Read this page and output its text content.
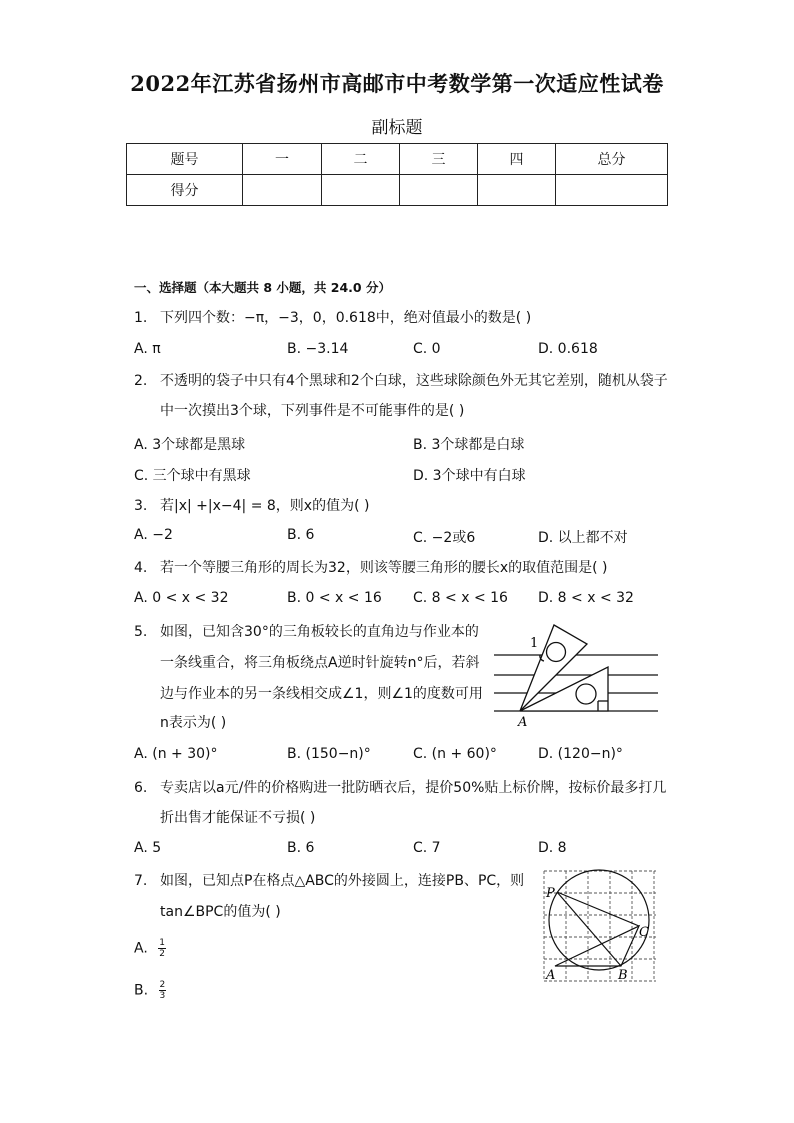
2022年江苏省扬州市高邮市中考数学第一次适应性试卷
副标题
题号	一	二	三	四	总分
得分					
一、选择题（本大题共 8 小题，共 24.0 分）
1. 下列四个数：−π，−3，0，0.618中，绝对值最小的数是( )
A. π	B. −3.14	C. 0	D. 0.618
2. 不透明的袋子中只有4个黑球和2个白球，这些球除颜色外无其它差别，随机从袋子
中一次摸出3个球，下列事件是不可能事件的是( )
A. 3个球都是黑球	B. 3个球都是白球
C. 三个球中有黑球	D. 3个球中有白球
3. 若|x| +|x−4| = 8，则x的值为( )
A. −2	B. 6	C. −2或6	D. 以上都不对
4. 若一个等腰三角形的周长为32，则该等腰三角形的腰长x的取值范围是( )
A. 0 < x < 32	B. 0 < x < 16 C. 8 < x < 16 D. 8 < x < 32
5. 如图，已知含30°的三角板较长的直角边与作业本的
一条线重合，将三角板绕点A逆时针旋转n°后，若斜
边与作业本的另一条线相交成∠1，则∠1的度数可用
n表示为( )
1
A
A. (n + 30)°	B. (150−n)°	C. (n + 60)°	D. (120−n)°
6. 专卖店以a元/件的价格购进一批防晒衣后，提价50%贴上标价牌，按标价最多打几
折出售才能保证不亏损( )
A. 5	B. 6	C. 7	D. 8
7. 如图，已知点P在格点△ABC的外接圆上，连接PB、PC，则
tan∠BPC的值为( )
A. $\frac{1}{2}$
B. $\frac{2}{3}$
P
C
A	B
